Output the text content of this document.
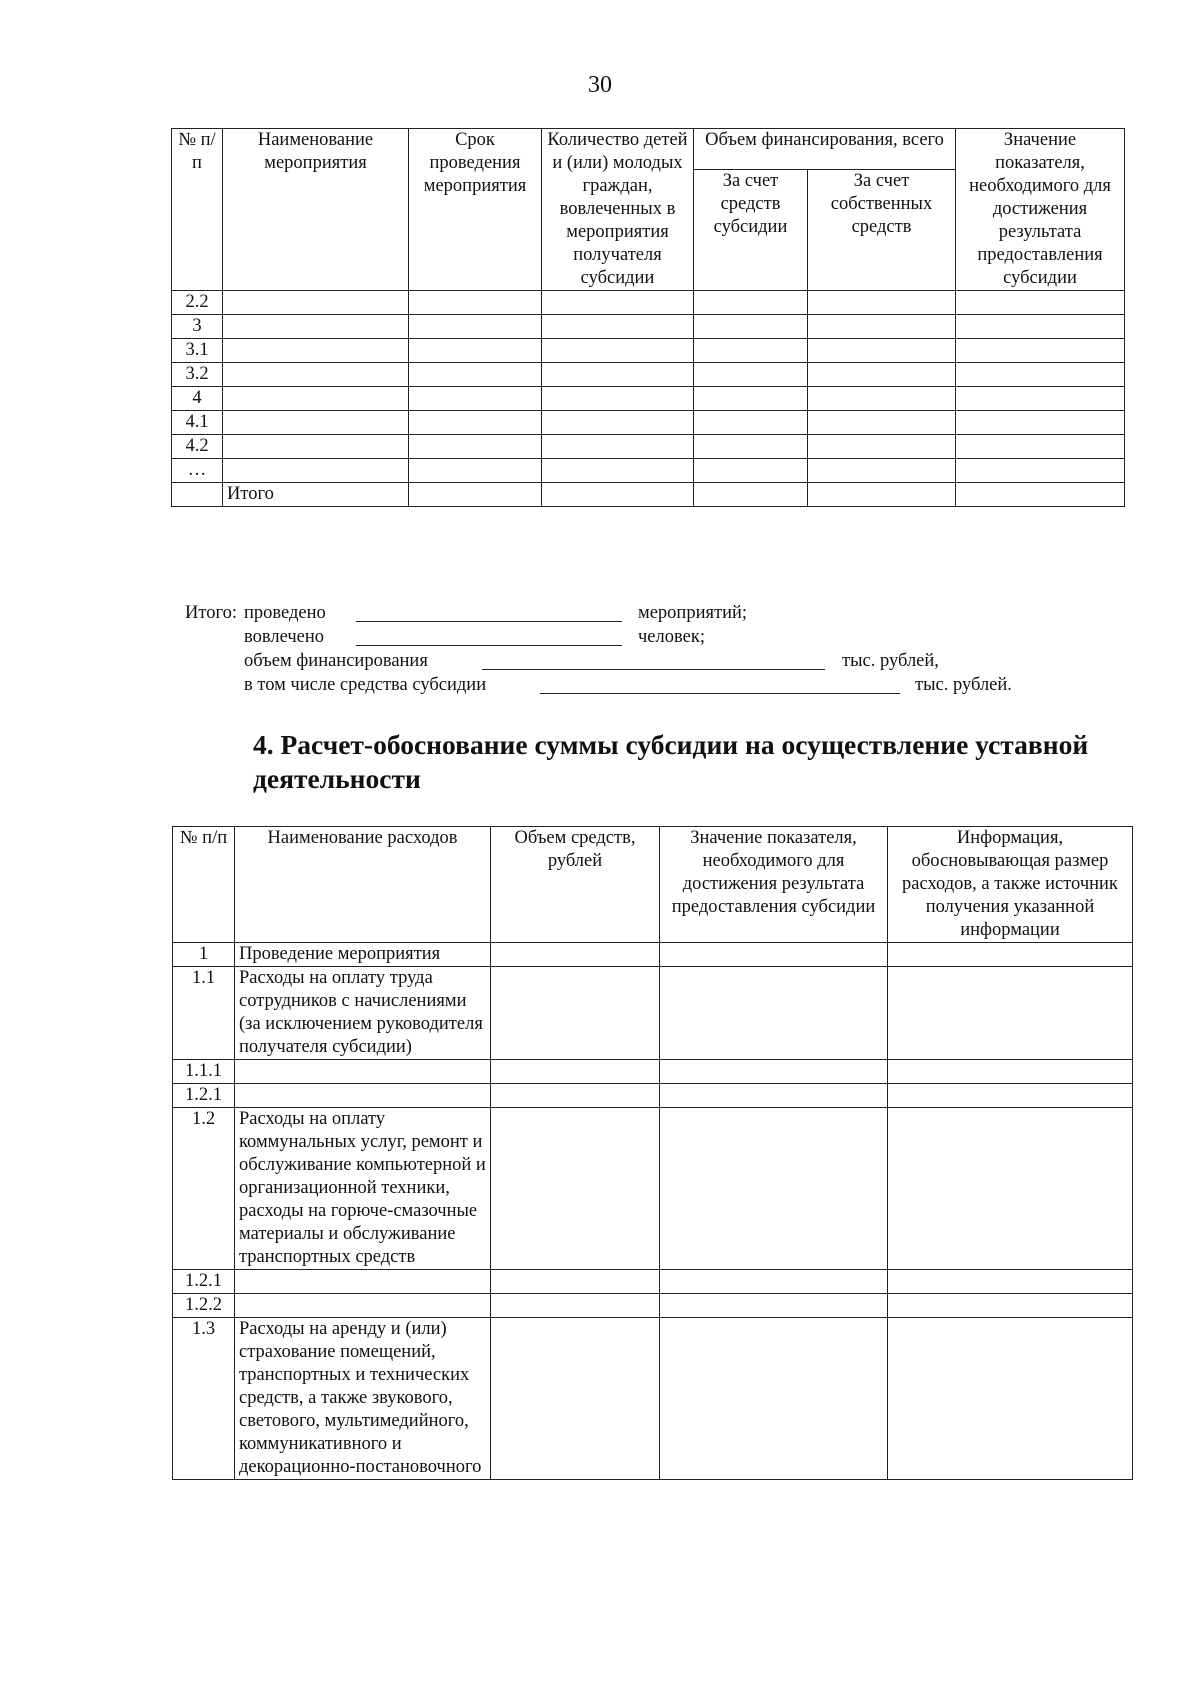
30
№ п/п	Наименование мероприятия	Срок проведения мероприятия	Количество детей и (или) молодых граждан, вовлеченных в мероприятия получателя субсидии	Объем финансирования, всего		Значение показателя, необходимого для достижения результата предоставления субсидии
				За счет средств субсидии	За счет собственных средств	
2.2						
3						
3.1						
3.2						
4						
4.1						
4.2						
…						
	Итого					
Итого: проведено	мероприятий;
вовлечено	человек;
объем финансирования	тыс. рублей,
в том числе средства субсидии	тыс. рублей.
4. Расчет-обоснование суммы субсидии на осуществление уставной
деятельности
№ п/п	Наименование расходов	Объем средств, рублей	Значение показателя, необходимого для достижения результата предоставления субсидии	Информация, обосновывающая размер расходов, а также источник получения указанной информации
1	Проведение мероприятия			
1.1	Расходы на оплату труда сотрудников с начислениями (за исключением руководителя получателя субсидии)			
1.1.1				
1.2.1				
1.2	Расходы на оплату коммунальных услуг, ремонт и обслуживание компьютерной и организационной техники, расходы на горюче-смазочные материалы и обслуживание транспортных средств			
1.2.1				
1.2.2				
1.3	Расходы на аренду и (или) страхование помещений, транспортных и технических средств, а также звукового, светового, мультимедийного, коммуникативного и декорационно-постановочного			
